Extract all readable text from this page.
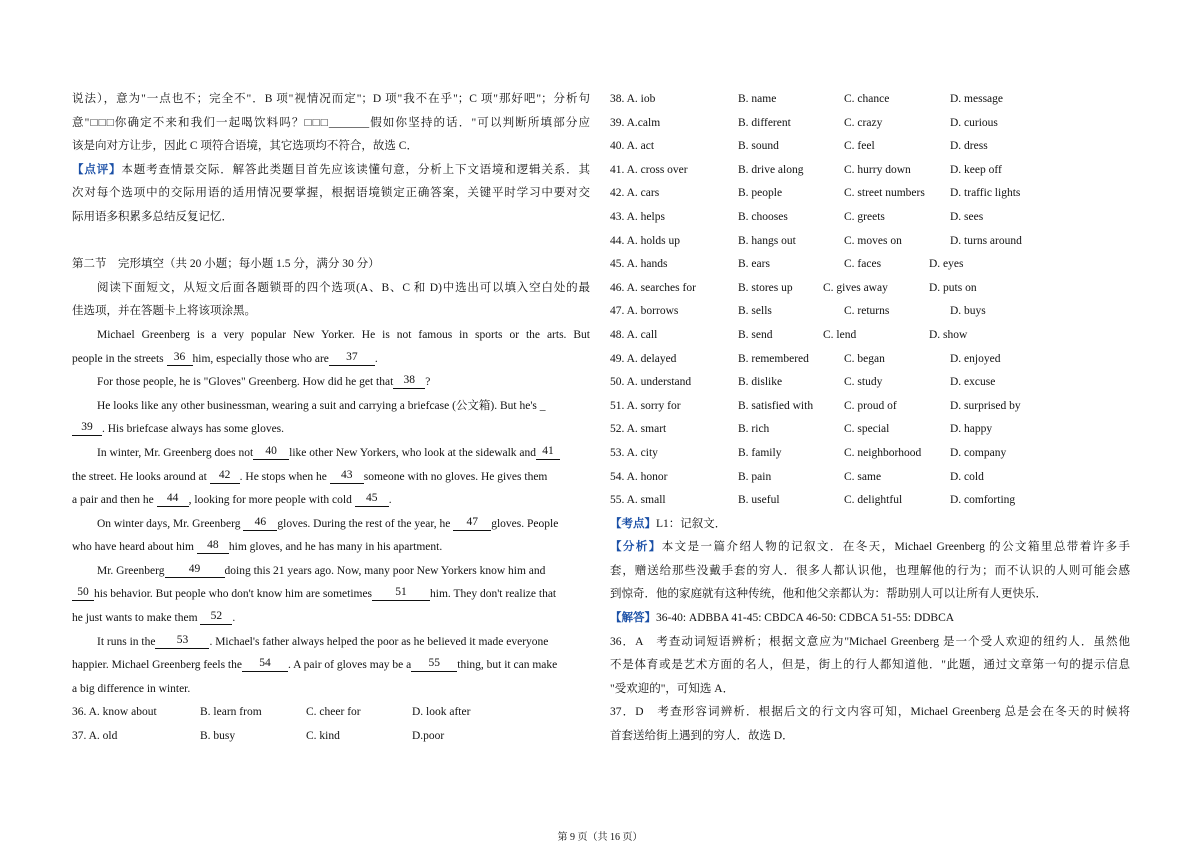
说法），意为"一点也不；完全不"．B 项"视情况而定"；D 项"我不在乎"；C 项"那好吧"；分析句
意"□□□你确定不来和我们一起喝饮料吗？□□□_______假如你坚持的话．"可以判断所填部分应
该是向对方让步，因此 C 项符合语境，其它选项均不符合，故选 C．
【点评】本题考查情景交际．解答此类题目首先应该读懂句意，分析上下文语境和逻辑关系．其
次对每个选项中的交际用语的适用情况要掌握，根据语境锁定正确答案，关键平时学习中要对交
际用语多积累多总结反复记忆．
第二节　完形填空（共 20 小题；每小题 1.5 分，满分 30 分）
阅读下面短文，从短文后面各题锁哥的四个选项(A、B、C 和 D)中选出可以填入空白处的最
佳选项，并在答题卡上将该项涂黑。
Michael Greenberg is a very popular New Yorker. He is not famous in sports or the arts. But
people in the streets 36 him, especially those who are 37 .
For those people, he is "Gloves" Greenberg. How did he get that 38 ?
He looks like any other businessman, wearing a suit and carrying a briefcase (公文箱). But he's _
39 . His briefcase always has some gloves.
In winter, Mr. Greenberg does not 40 like other New Yorkers, who look at the sidewalk and 41
the street. He looks around at 42 . He stops when he 43 someone with no gloves. He gives them
a pair and then he 44 , looking for more people with cold 45 .
On winter days, Mr. Greenberg 46 gloves. During the rest of the year, he 47 gloves. People
who have heard about him 48 him gloves, and he has many in his apartment.
Mr. Greenberg 49 doing this 21 years ago. Now, many poor New Yorkers know him and
50 his behavior. But people who don't know him are sometimes 51 him. They don't realize that
he just wants to make them 52 .
It runs in the 53 . Michael's father always helped the poor as he believed it made everyone
happier. Michael Greenberg feels the 54 . A pair of gloves may be a 55 thing, but it can make
a big difference in winter.
36. A. know about	B. learn from	C. cheer for	D. look after
37. A. old	B. busy	C. kind	D.poor
38. A. iob	B. name	C. chance	D. message
39. A.calm	B. different	C. crazy	D. curious
40. A. act	B. sound	C. feel	D. dress
41. A. cross over	B. drive along	C. hurry down	D. keep off
42. A. cars	B. people	C. street numbers D. traffic lights
43. A. helps	B. chooses	C. greets	D. sees
44. A. holds up	B. hangs out	C. moves on	D. turns around
45. A. hands	B. ears	C. faces	D. eyes
46. A. searches for	B. stores up	C. gives away	D. puts on
47. A. borrows	B. sells	C. returns	D. buys
48. A. call	B. send	C. lend	D. show
49. A. delayed	B. remembered	C. began	D. enjoyed
50. A. understand	B. dislike	C. study	D. excuse
51. A. sorry for	B. satisfied with	C. proud of	D. surprised by
52. A. smart	B. rich	C. special	D. happy
53. A. city	B. family	C. neighborhood D. company
54. A. honor	B. pain	C. same	D. cold
55. A. small	B. useful	C. delightful	D. comforting
【考点】L1：记叙文．
【分析】本文是一篇介绍人物的记叙文．在冬天，Michael Greenberg 的公文箱里总带着许多手
套，赠送给那些没戴手套的穷人．很多人都认识他，也理解他的行为；而不认识的人则可能会感
到惊奇．他的家庭就有这种传统，他和他父亲都认为：帮助别人可以让所有人更快乐．
【解答】36-40: ADBBA 41-45: CBDCA 46-50: CDBCA 51-55: DDBCA
36．A　考查动词短语辨析；根据文意应为"Michael Greenberg 是一个受人欢迎的纽约人．虽然他
不是体育或是艺术方面的名人，但是，街上的行人都知道他．"此题，通过文章第一句的提示信息
"受欢迎的"，可知选 A．
37．D　考查形容词辨析．根据后文的行文内容可知，Michael Greenberg 总是会在冬天的时候将
首套送给街上遇到的穷人．故选 D．
第 9 页（共 16 页）
